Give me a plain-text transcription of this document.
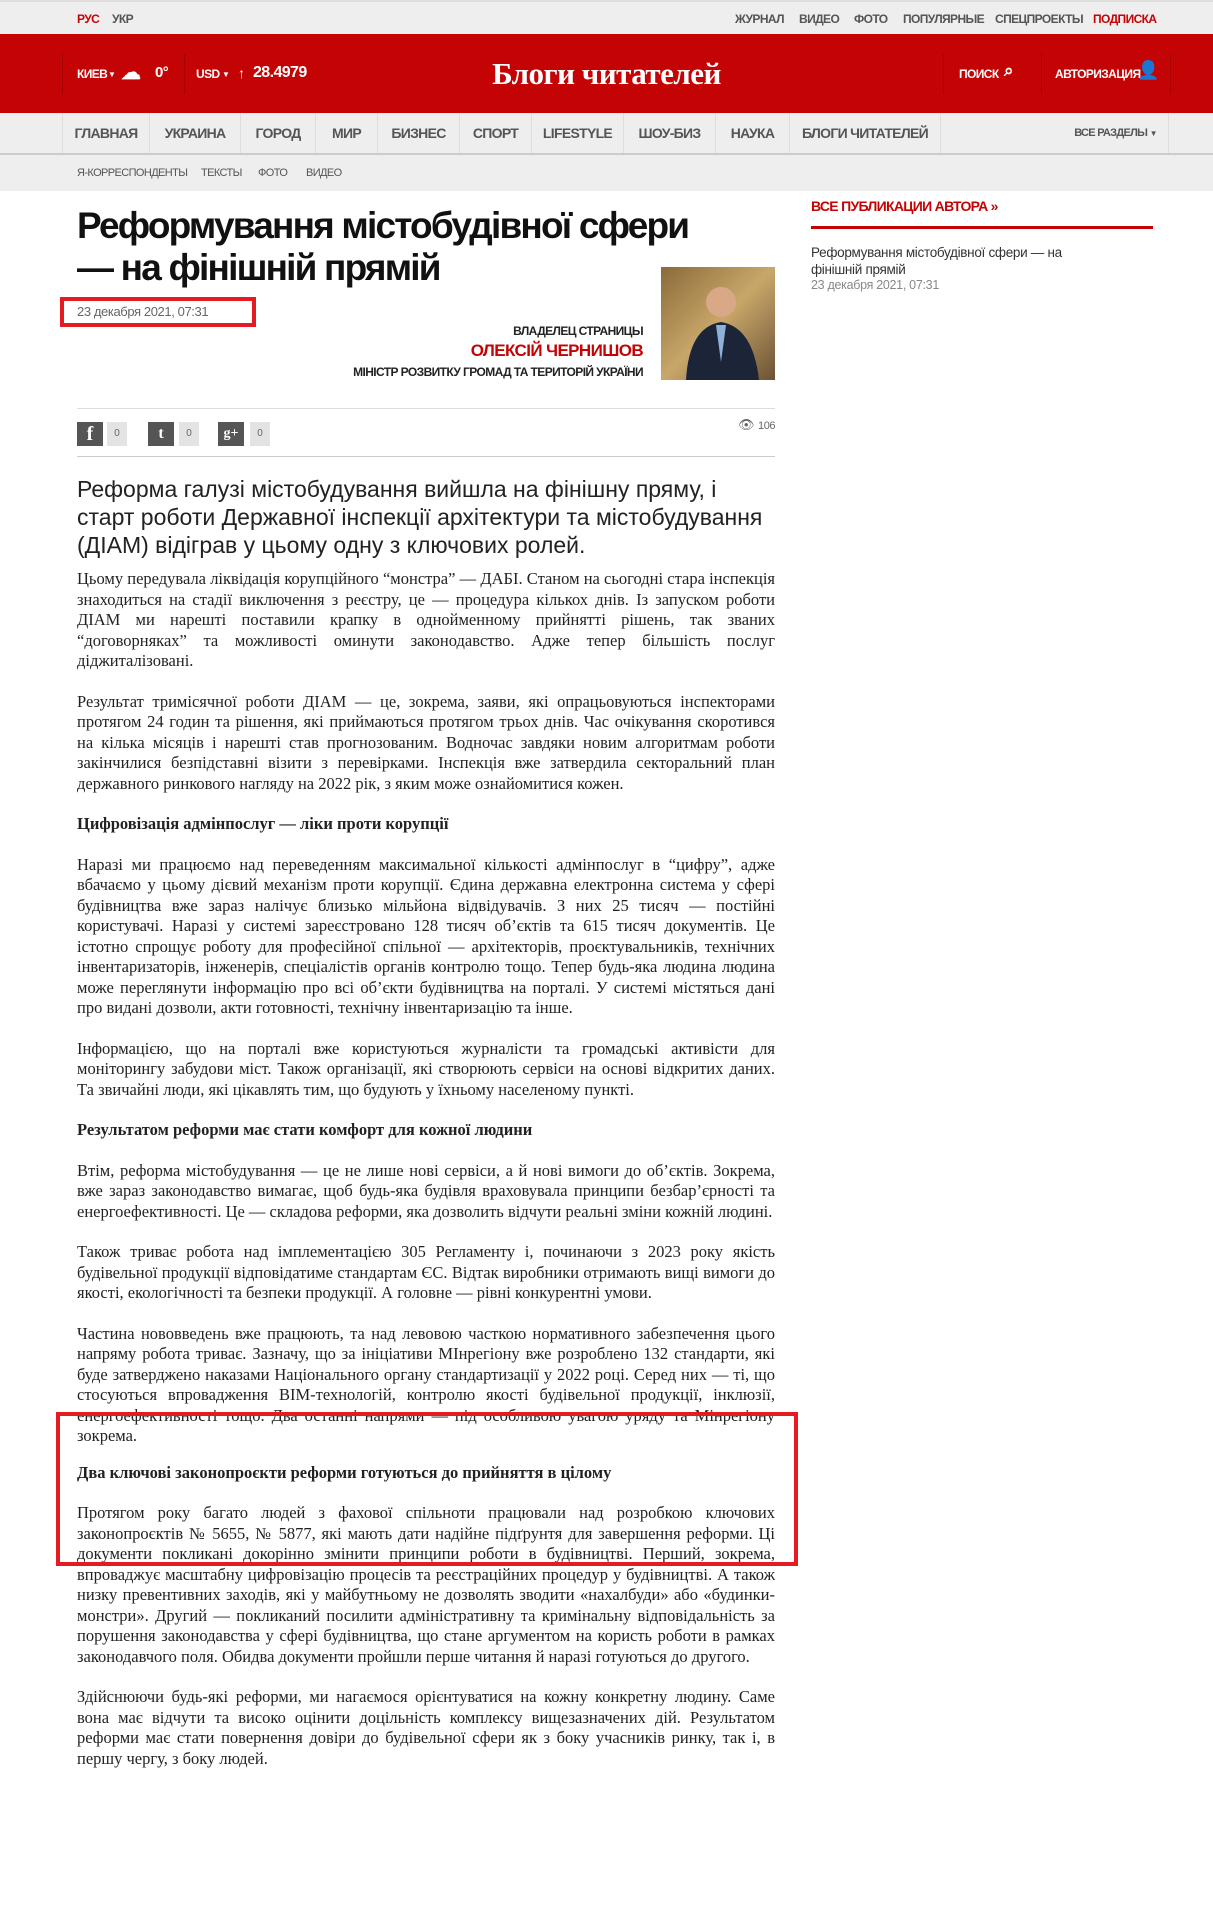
РУС УКР	ЖУРНАЛ ВИДЕО ФОТО ПОПУЛЯРНЫЕ СПЕЦПРОЕКТЫ ПОДПИСКА
КИЕВ ▼ ☁ 0° USD ▼ ↑ 28.4979	Блоги читателей	ПОИСК ⌕	АВТОРИЗАЦИЯ
👤
ГЛАВНАЯ	УКРАИНА	ГОРОД	МИР	БИЗНЕС	СПОРТ	LIFESTYLE	ШОУ-БИЗ	НАУКА	БЛОГИ ЧИТАТЕЛЕЙ	ВСЕ РАЗДЕЛЫ ▼
Я-КОРРЕСПОНДЕНТЫ ТЕКСТЫ ФОТО ВИДЕО
Реформування містобудівної сфери — на фінішній прямій
23 декабря 2021, 07:31
ВЛАДЕЛЕЦ СТРАНИЦЫ
ОЛЕКСІЙ ЧЕРНИШОВ
МІНІСТР РОЗВИТКУ ГРОМАД ТА ТЕРИТОРІЙ УКРАЇНИ
f	0	t	0	g+	0
👁 106

Реформа галузі містобудування вийшла на фінішну пряму, і старт роботи Державної інспекції архітектури та містобудування (ДІАМ) відіграв у цьому одну з ключових ролей.

Цьому передувала ліквідація корупційного “монстра” — ДАБІ. Станом на сьогодні стара інспекція знаходиться на стадії виключення з реєстру, це — процедура кількох днів. Із запуском роботи ДІАМ ми нарешті поставили крапку в однойменному прийнятті рішень, так званих “договорняках” та можливості оминути законодавство. Адже тепер більшість послуг діджиталізовані.

Результат тримісячної роботи ДІАМ — це, зокрема, заяви, які опрацьовуються інспекторами протягом 24 годин та рішення, які приймаються протягом трьох днів. Час очікування скоротився на кілька місяців і нарешті став прогнозованим. Водночас завдяки новим алгоритмам роботи закінчилися безпідставні візити з перевірками. Інспекція вже затвердила секторальний план державного ринкового нагляду на 2022 рік, з яким може ознайомитися кожен.

Цифровізація адмінпослуг — ліки проти корупції

Наразі ми працюємо над переведенням максимальної кількості адмінпослуг в “цифру”, адже вбачаємо у цьому дієвий механізм проти корупції. Єдина державна електронна система у сфері будівництва вже зараз налічує близько мільйона відвідувачів. З них 25 тисяч — постійні користувачі. Наразі у системі зареєстровано 128 тисяч об’єктів та 615 тисяч документів. Це істотно спрощує роботу для професійної спільної — архітекторів, проєктувальників, технічних інвентаризаторів, інженерів, спеціалістів органів контролю тощо. Тепер будь-яка людина людина може переглянути інформацію про всі об’єкти будівництва на порталі. У системі містяться дані про видані дозволи, акти готовності, технічну інвентаризацію та інше.

Інформацією, що на порталі вже користуються журналісти та громадські активісти для моніторингу забудови міст. Також організації, які створюють сервіси на основі відкритих даних. Та звичайні люди, які цікавлять тим, що будують у їхньому населеному пункті.

Результатом реформи має стати комфорт для кожної людини

Втім, реформа містобудування — це не лише нові сервіси, а й нові вимоги до об’єктів. Зокрема, вже зараз законодавство вимагає, щоб будь-яка будівля враховувала принципи безбар’єрності та енергоефективності. Це — складова реформи, яка дозволить відчути реальні зміни кожній людині.

Також триває робота над імплементацією 305 Регламенту і, починаючи з 2023 року якість будівельної продукції відповідатиме стандартам ЄС. Відтак виробники отримають вищі вимоги до якості, екологічності та безпеки продукції. А головне — рівні конкурентні умови.

Частина нововведень вже працюють, та над левовою часткою нормативного забезпечення цього напряму робота триває. Зазначу, що за ініціативи МІнрегіону вже розроблено 132 стандарти, які буде затверджено наказами Національного органу стандартизації у 2022 році. Серед них — ті, що стосуються впровадження BIM-технологій, контролю якості будівельної продукції, інклюзії, енергоефективності тощо. Два останні напрями — під особливою увагою уряду та Мінрегіону зокрема.

Два ключові законопроєкти реформи готуються до прийняття в цілому

Протягом року багато людей з фахової спільноти працювали над розробкою ключових законопроєктів № 5655, № 5877, які мають дати надійне підґрунтя для завершення реформи. Ці документи покликані докорінно змінити принципи роботи в будівництві. Перший, зокрема, впроваджує масштабну цифровізацію процесів та реєстраційних процедур у будівництві. А також низку превентивних заходів, які у майбутньому не дозволять зводити «нахалбуди» або «будинки-монстри». Другий — покликаний посилити адміністративну та кримінальну відповідальність за порушення законодавства у сфері будівництва, що стане аргументом на користь роботи в рамках законодавчого поля. Обидва документи пройшли перше читання й наразі готуються до другого.

Здійснюючи будь-які реформи, ми нагаємося орієнтуватися на кожну конкретну людину. Саме вона має відчути та високо оцінити доцільність комплексу вищезазначених дій. Результатом реформи має стати повернення довіри до будівельної сфери як з боку учасників ринку, так і, в першу чергу, з боку людей.

ВСЕ ПУБЛИКАЦИИ АВТОРА »
Реформування містобудівної сфери — на фінішній прямій
23 декабря 2021, 07:31
